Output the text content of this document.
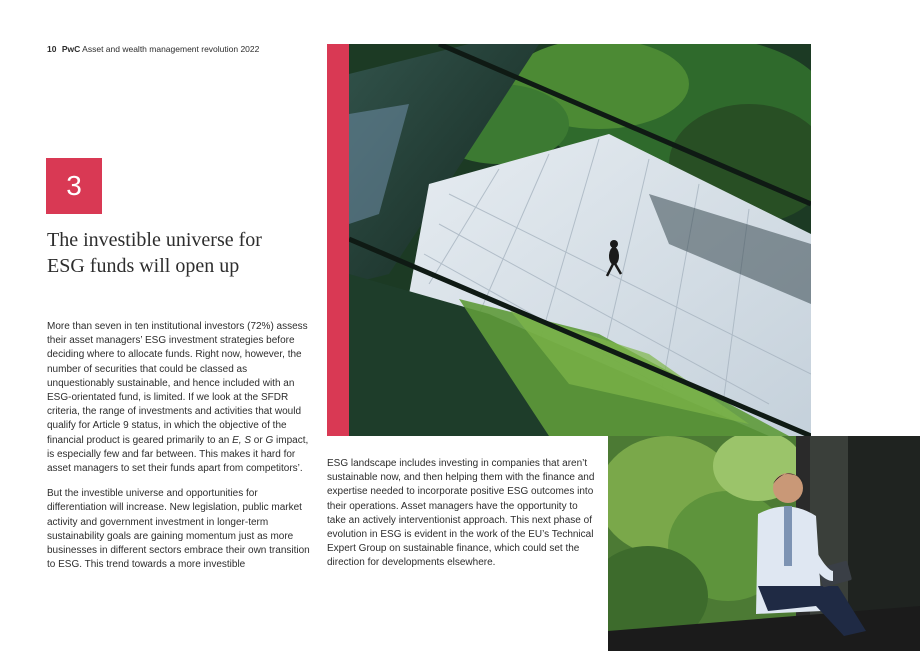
10 PwC Asset and wealth management revolution 2022
3
The investible universe for
ESG funds will open up

More than seven in ten institutional investors (72%) assess their asset managers’ ESG investment strategies before deciding where to allocate funds. Right now, however, the number of securities that could be classed as unquestionably sustainable, and hence included with an ESG-orientated fund, is limited. If we look at the SFDR criteria, the range of investments and activities that would qualify for Article 9 status, in which the objective of the financial product is geared primarily to an E, S or G impact, is especially few and far between. This makes it hard for asset managers to set their funds apart from competitors’.

But the investible universe and opportunities for differentiation will increase. New legislation, public market activity and government investment in longer-term sustainability goals are gaining momentum just as more businesses in different sectors embrace their own transition to ESG. This trend towards a more investible

ESG landscape includes investing in companies that aren’t sustainable now, and then helping them with the finance and expertise needed to incorporate positive ESG outcomes into their operations. Asset managers have the opportunity to take an actively interventionist approach. This next phase of evolution in ESG is evident in the work of the EU’s Technical Expert Group on sustainable finance, which could set the direction for developments elsewhere.
